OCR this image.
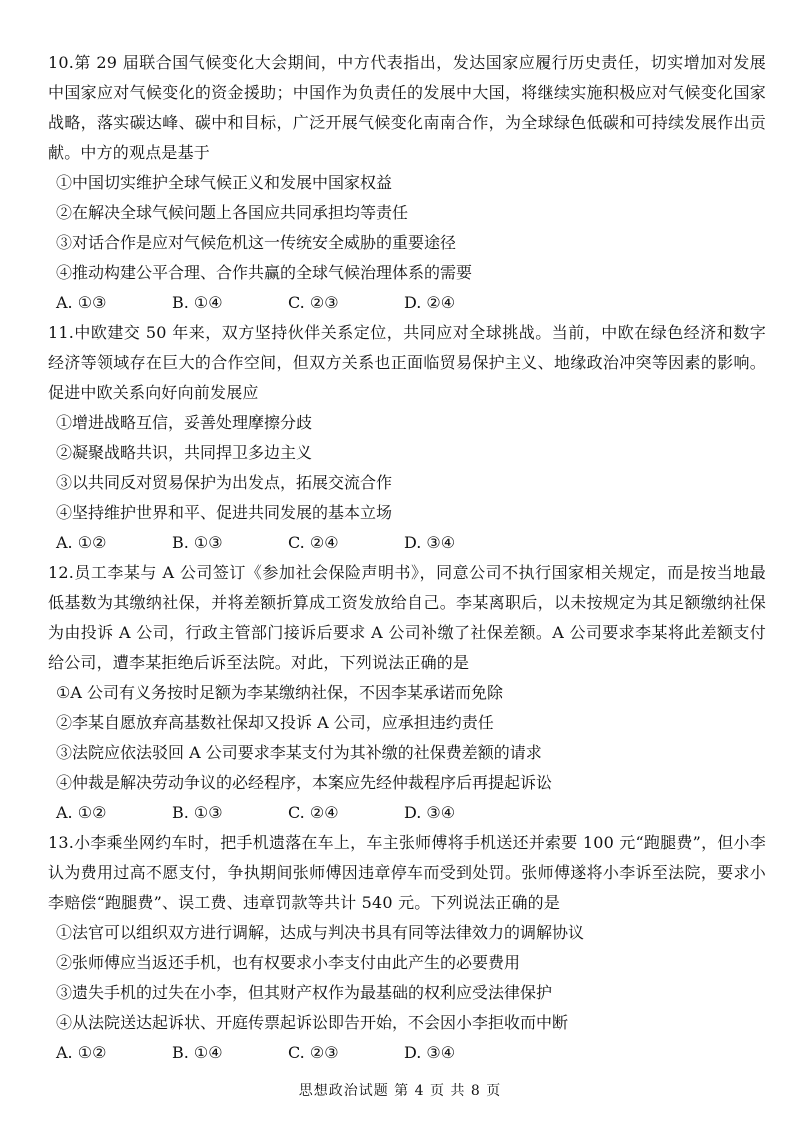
10.第 29 届联合国气候变化大会期间，中方代表指出，发达国家应履行历史责任，切实增加对发展中国家应对气候变化的资金援助；中国作为负责任的发展中大国，将继续实施积极应对气候变化国家战略，落实碳达峰、碳中和目标，广泛开展气候变化南南合作，为全球绿色低碳和可持续发展作出贡献。中方的观点是基于

①中国切实维护全球气候正义和发展中国家权益

②在解决全球气候问题上各国应共同承担均等责任

③对话合作是应对气候危机这一传统安全威胁的重要途径

④推动构建公平合理、合作共赢的全球气候治理体系的需要

A. ①③	B. ①④	C. ②③	D. ②④

11.中欧建交 50 年来，双方坚持伙伴关系定位，共同应对全球挑战。当前，中欧在绿色经济和数字经济等领域存在巨大的合作空间，但双方关系也正面临贸易保护主义、地缘政治冲突等因素的影响。促进中欧关系向好向前发展应

①增进战略互信，妥善处理摩擦分歧

②凝聚战略共识，共同捍卫多边主义

③以共同反对贸易保护为出发点，拓展交流合作

④坚持维护世界和平、促进共同发展的基本立场

A. ①②	B. ①③	C. ②④	D. ③④

12.员工李某与 A 公司签订《参加社会保险声明书》，同意公司不执行国家相关规定，而是按当地最低基数为其缴纳社保，并将差额折算成工资发放给自己。李某离职后，以未按规定为其足额缴纳社保为由投诉 A 公司，行政主管部门接诉后要求 A 公司补缴了社保差额。A 公司要求李某将此差额支付给公司，遭李某拒绝后诉至法院。对此，下列说法正确的是

①A 公司有义务按时足额为李某缴纳社保，不因李某承诺而免除

②李某自愿放弃高基数社保却又投诉 A 公司，应承担违约责任

③法院应依法驳回 A 公司要求李某支付为其补缴的社保费差额的请求

④仲裁是解决劳动争议的必经程序，本案应先经仲裁程序后再提起诉讼

A. ①②	B. ①③	C. ②④	D. ③④

13.小李乘坐网约车时，把手机遗落在车上，车主张师傅将手机送还并索要 100 元“跑腿费”，但小李认为费用过高不愿支付，争执期间张师傅因违章停车而受到处罚。张师傅遂将小李诉至法院，要求小李赔偿“跑腿费”、误工费、违章罚款等共计 540 元。下列说法正确的是

①法官可以组织双方进行调解，达成与判决书具有同等法律效力的调解协议

②张师傅应当返还手机，也有权要求小李支付由此产生的必要费用

③遗失手机的过失在小李，但其财产权作为最基础的权利应受法律保护

④从法院送达起诉状、开庭传票起诉讼即告开始，不会因小李拒收而中断

A. ①②	B. ①④	C. ②③	D. ③④
思想政治试题 第 4 页 共 8 页
